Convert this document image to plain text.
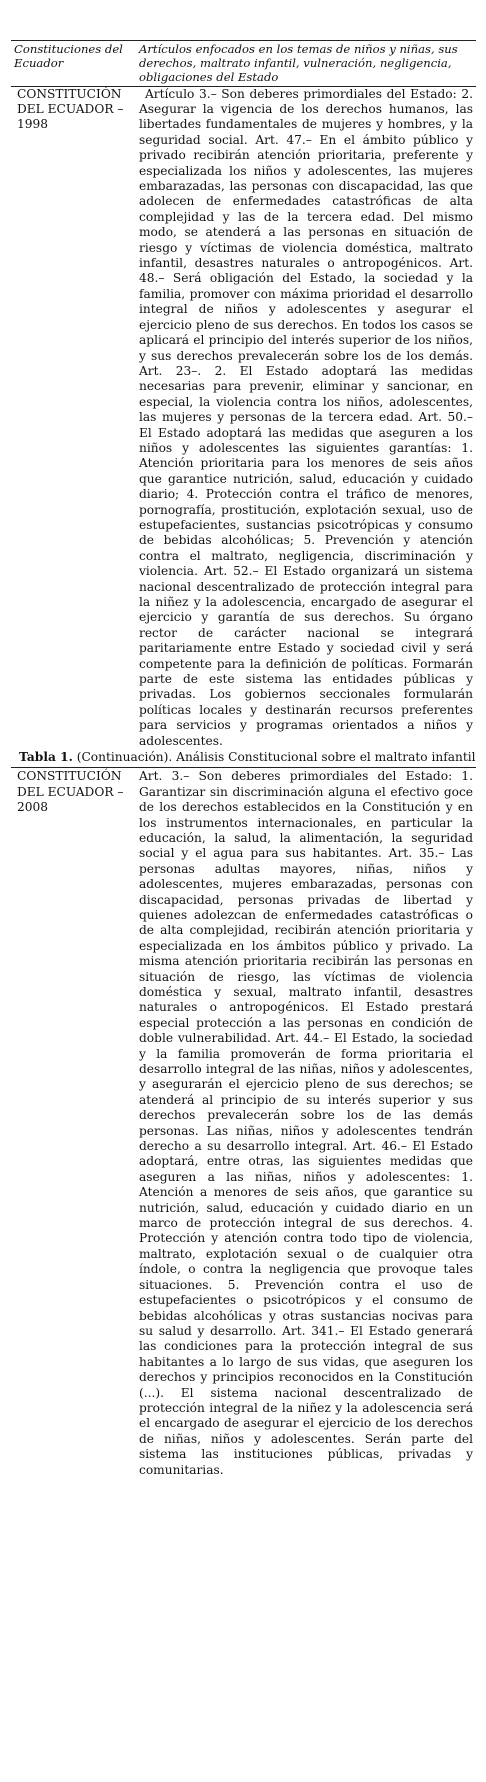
Constituciones del Ecuador
Artículos enfocados en los temas de niños y niñas, sus derechos, maltrato infantil, vulneración, negligencia, obligaciones del Estado
CONSTITUCIÓN DEL ECUADOR – 1998
Artículo 3.– Son deberes primordiales del Estado: 2. Asegurar la vigencia de los derechos humanos, las libertades fundamentales de mujeres y hombres, y la seguridad social. Art. 47.– En el ámbito público y privado recibirán atención prioritaria, preferente y especializada los niños y adolescentes, las mujeres embarazadas, las personas con discapacidad, las que adolecen de enfermedades catastróficas de alta complejidad y las de la tercera edad. Del mismo modo, se atenderá a las personas en situación de riesgo y víctimas de violencia doméstica, maltrato infantil, desastres naturales o antropogénicos. Art. 48.– Será obligación del Estado, la sociedad y la familia, promover con máxima prioridad el desarrollo integral de niños y adolescentes y asegurar el ejercicio pleno de sus derechos. En todos los casos se aplicará el principio del interés superior de los niños, y sus derechos prevalecerán sobre los de los demás. Art. 23–. 2. El Estado adoptará las medidas necesarias para prevenir, eliminar y sancionar, en especial, la violencia contra los niños, adolescentes, las mujeres y personas de la tercera edad. Art. 50.– El Estado adoptará las medidas que aseguren a los niños y adolescentes las siguientes garantías: 1. Atención prioritaria para los menores de seis años que garantice nutrición, salud, educación y cuidado diario; 4. Protección contra el tráfico de menores, pornografía, prostitución, explotación sexual, uso de estupefacientes, sustancias psicotrópicas y consumo de bebidas alcohólicas; 5. Prevención y atención contra el maltrato, negligencia, discriminación y violencia. Art. 52.– El Estado organizará un sistema nacional descentralizado de protección integral para la niñez y la adolescencia, encargado de asegurar el ejercicio y garantía de sus derechos. Su órgano rector de carácter nacional se integrará paritariamente entre Estado y sociedad civil y será competente para la definición de políticas. Formarán parte de este sistema las entidades públicas y privadas. Los gobiernos seccionales formularán políticas locales y destinarán recursos preferentes para servicios y programas orientados a niños y adolescentes.
Tabla 1. (Continuación). Análisis Constitucional sobre el maltrato infantil
CONSTITUCIÓN DEL ECUADOR – 2008
Art. 3.– Son deberes primordiales del Estado: 1. Garantizar sin discriminación alguna el efectivo goce de los derechos establecidos en la Constitución y en los instrumentos internacionales, en particular la educación, la salud, la alimentación, la seguridad social y el agua para sus habitantes. Art. 35.– Las personas adultas mayores, niñas, niños y adolescentes, mujeres embarazadas, personas con discapacidad, personas privadas de libertad y quienes adolezcan de enfermedades catastróficas o de alta complejidad, recibirán atención prioritaria y especializada en los ámbitos público y privado. La misma atención prioritaria recibirán las personas en situación de riesgo, las víctimas de violencia doméstica y sexual, maltrato infantil, desastres naturales o antropogénicos. El Estado prestará especial protección a las personas en condición de doble vulnerabilidad. Art. 44.– El Estado, la sociedad y la familia promoverán de forma prioritaria el desarrollo integral de las niñas, niños y adolescentes, y asegurarán el ejercicio pleno de sus derechos; se atenderá al principio de su interés superior y sus derechos prevalecerán sobre los de las demás personas. Las niñas, niños y adolescentes tendrán derecho a su desarrollo integral. Art. 46.– El Estado adoptará, entre otras, las siguientes medidas que aseguren a las niñas, niños y adolescentes: 1. Atención a menores de seis años, que garantice su nutrición, salud, educación y cuidado diario en un marco de protección integral de sus derechos. 4. Protección y atención contra todo tipo de violencia, maltrato, explotación sexual o de cualquier otra índole, o contra la negligencia que provoque tales situaciones. 5. Prevención contra el uso de estupefacientes o psicotrópicos y el consumo de bebidas alcohólicas y otras sustancias nocivas para su salud y desarrollo. Art. 341.– El Estado generará las condiciones para la protección integral de sus habitantes a lo largo de sus vidas, que aseguren los derechos y principios reconocidos en la Constitución (...). El sistema nacional descentralizado de protección integral de la niñez y la adolescencia será el encargado de asegurar el ejercicio de los derechos de niñas, niños y adolescentes. Serán parte del sistema las instituciones públicas, privadas y comunitarias.
